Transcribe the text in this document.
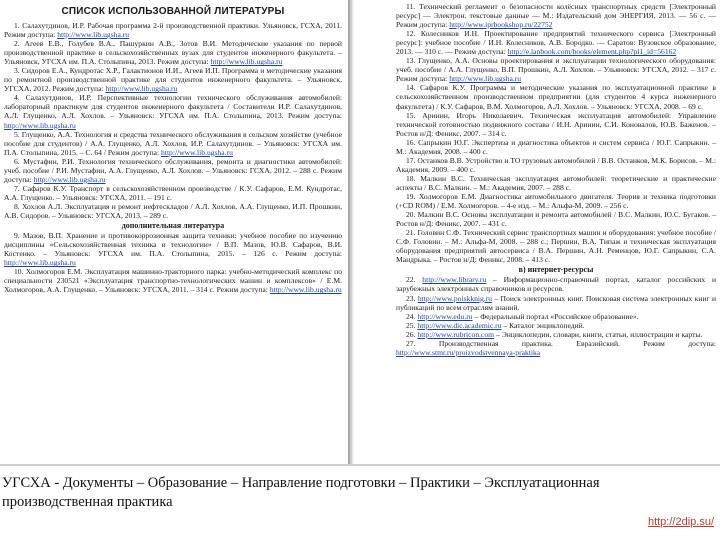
СПИСОК ИСПОЛЬЗОВАННОЙ ЛИТЕРАТУРЫ

1. Салахутдинов, И.Р. Рабочая программа 2-й производственной практики. Ульяновск, ГСХА, 2011. Режим доступа: http://www.lib.ugsha.ru

2. Агеев Е.В., Голубев В.А., Пашуркин А.В., Зотов В.И. Методические указания по первой производственной практике в сельскохозяйственных вузах для студентов инженерного факультета. – Ульяновск, УГСХА им. П.А. Столыпина, 2013. Режим доступа: http://www.lib.ugsha.ru

3. Сидоров Е.А., Кундротас Х.Р., Галактионов И.И., Агеев И.П. Программа и методические указания по ремонтной производственной практике для студентов инженерного факультета. – Ульяновск, УГСХА, 2012. Режим доступа: http://www.lib.ugsha.ru

4. Салахутдинов, И.Р. Перспективные технологии технического обслуживания автомобилей: лабораторный практикум для студентов инженерного факультета / Составители И.Р. Салахутдинов, А.Л. Глущенко, А.Л. Хохлов. – Ульяновск: УГСХА им. П.А. Столыпина, 2013. Режим доступа: http://www.lib.ugsha.ru

5. Глущенко, А.А. Технология и средства технического обслуживания в сельском хозяйстве (учебное пособие для студентов) / А.А. Глущенко, А.Л. Хохлов, И.Р. Салахутдинов. – Ульяновск: УГСХА им. П.А. Столыпина, 2015. – С. 64 / Режим доступа: http://www.lib.ugsha.ru

6. Мустафин, Р.И. Технология технического обслуживания, ремонта и диагностики автомобилей: учеб. пособие / Р.И. Мустафин, А.А. Глущенко, А.Л. Хохлов. – Ульяновск: ГСХА, 2012. – 288 с. Режим доступа: http://www.lib.ugsha.ru

7. Сафаров К.У. Транспорт в сельскохозяйственном производстве / К.У. Сафаров, Е.М. Кундротас, А.А. Глущенко. – Ульяновск: УГСХА, 2011. – 191 с.

8. Хохлов А.Л. Эксплуатация и ремонт нефтескладов / А.Л. Хохлов, А.А. Глущенко, И.П. Прошкин, А.В. Сидоров. – Ульяновск: УГСХА, 2013. – 289 с.

дополнительная литература

9. Мазов, В.П. Хранение и противокоррозионная защита техники: учебное пособие по изучению дисциплины «Сельскохозяйственная техника и технологии» / В.П. Мазов, Ю.В. Сафаров, В.И. Костенко. – Ульяновск: УГСХА им. П.А. Столыпина, 2015. – 126 с. Режим доступа: http://www.lib.ugsha.ru

10. Холмогоров Е.М. Эксплуатация машинно-тракторного парка: учебно-методический комплекс по специальности 230521 «Эксплуатация транспортно-технологических машин и комплексов» / Е.М. Холмогоров, А.А. Глущенко. – Ульяновск: УГСХА, 2011. – 314 с. Режим доступа: http://www.lib.ugsha.ru

11. Технический регламент о безопасности колёсных транспортных средств [Электронный ресурс] — Электрон. текстовые данные — М.: Издательский дом ЭНЕРГИЯ, 2013. — 56 с. — Режим доступа: http://www.iprbookshop.ru/22752

12. Колесников И.Н. Проектирование предприятий технического сервиса [Электронный ресурс]: учебное пособие / И.Н. Колесников, А.В. Бородко. — Саратов: Вузовское образование, 2013. — 310 с. — Режим доступа: http://e.lanbook.com/books/element.php?pl1_id=56162

13. Глущенко, А.А. Основы проектирования и эксплуатации технологического оборудования: учеб. пособие / А.А. Глущенко, В.П. Прошкин, А.Л. Хохлов. – Ульяновск: УГСХА, 2012. – 317 с. Режим доступа: http://www.lib.ugsha.ru

14. Сафаров К.У. Программа и методические указания по эксплуатационной практике в сельскохозяйственном производственном предприятии (для студентов 4 курса инженерного факультета) / К.У. Сафаров, В.М. Холмогоров, А.Л. Хохлов. – Ульяновск: УГСХА, 2008. – 69 с.

15. Аринин, Игорь Николаевич. Техническая эксплуатация автомобилей: Управление технической готовностью подвижного состава / И.Н. Аринин, С.И. Коновалов, Ю.В. Баженов. – Ростов н/Д: Феникс, 2007. – 314 с.

16. Сапрыкин Ю.Г. Экспертиза и диагностика объектов и систем сервиса / Ю.Г. Сапрыкин. – М.: Академия, 2008. – 400 с.

17. Останков В.В. Устройство и ТО грузовых автомобилей / В.В. Останков, М.К. Борисов. – М.: Академия, 2009. – 400 с.

18. Малкин В.С. Техническая эксплуатация автомобилей: теоретические и практические аспекты / В.С. Малкин. – М.: Академия, 2007. – 288 с.

19. Холмогоров Е.М. Диагностика автомобильного двигателя. Теория и техника подготовки (+CD ROM) / Е.М. Холмогоров. – 4-е изд. – М.: Альфа-М, 2009. – 256 с.

20. Малкин В.С. Основы эксплуатации и ремонта автомобилей / В.С. Малкин, Ю.С. Бугаков. – Ростов н/Д: Феникс, 2007. – 431 с.

21. Головин С.Ф. Технический сервис транспортных машин и оборудования: учебное пособие / С.Ф. Головин. – М.: Альфа-М, 2008. – 288 с.; Першин, В.А. Типаж и техническая эксплуатация оборудования предприятий автосервиса / В.А. Першин, А.Н. Ременцов, Ю.Г. Сапрыкин, С.А. Мандрыка. – Ростов н/Д: Феникс, 2008. – 413 с.

в) интернет-ресурсы

22. http://www.library.ru – Информационно-справочный портал, каталог российских и зарубежных электронных справочников и ресурсов.

23. http://www.poiskknig.ru – Поиск электронных книг. Поисковая система электронных книг и публикаций по всем отраслям знаний.

24. http://www.edu.ru – Федеральный портал «Российское образование».

25. http://www.dic.academic.ru – Каталог энциклопедий.

26. http://www.rubricon.com – Энциклопедии, словари, книги, статьи, иллюстрации и карты.

27. Производственная практика. Евразийский. Режим доступа: http://www.stmr.ru/proizvodstvennaya-praktika

УГСХА - Документы – Образование – Направление подготовки – Практики – Эксплуатационная производственная практика
http://2dip.su/
